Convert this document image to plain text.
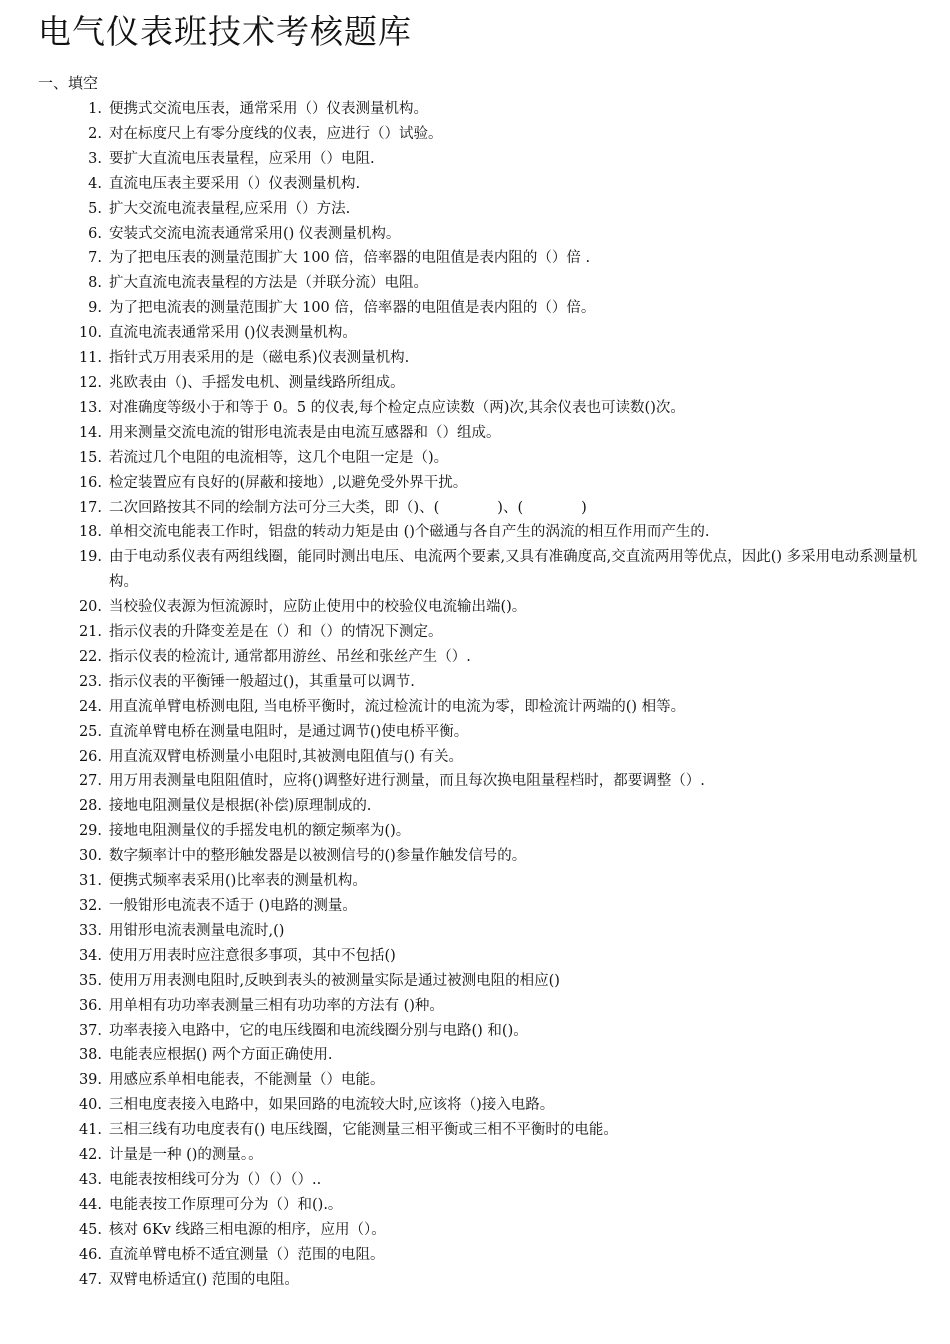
电气仪表班技术考核题库
一、填空
1. 便携式交流电压表，通常采用（）仪表测量机构。
2. 对在标度尺上有零分度线的仪表，应进行（）试验。
3. 要扩大直流电压表量程，应采用（）电阻.
4. 直流电压表主要采用（）仪表测量机构.
5. 扩大交流电流表量程,应采用（）方法.
6. 安装式交流电流表通常采用() 仪表测量机构。
7. 为了把电压表的测量范围扩大 100 倍，倍率器的电阻值是表内阻的（）倍 .
8. 扩大直流电流表量程的方法是（并联分流）电阻。
9. 为了把电流表的测量范围扩大 100 倍，倍率器的电阻值是表内阻的（）倍。
10. 直流电流表通常采用 ()仪表测量机构。
11. 指针式万用表采用的是（磁电系)仪表测量机构.
12. 兆欧表由（)、手摇发电机、测量线路所组成。
13. 对准确度等级小于和等于 0。5 的仪表,每个检定点应读数（两)次,其余仪表也可读数()次。
14. 用来测量交流电流的钳形电流表是由电流互感器和（）组成。
15. 若流过几个电阻的电流相等，这几个电阻一定是（)。
16. 检定装置应有良好的(屏蔽和接地）,以避免受外界干扰。
17. 二次回路按其不同的绘制方法可分三大类，即（)、(　　　　)、(　　　　)
18. 单相交流电能表工作时，铝盘的转动力矩是由 ()个磁通与各自产生的涡流的相互作用而产生的.
19. 由于电动系仪表有两组线圈，能同时测出电压、电流两个要素,又具有准确度高,交直流两用等优点，因此() 多采用电动系测量机构。
20. 当校验仪表源为恒流源时，应防止使用中的校验仪电流输出端()。
21. 指示仪表的升降变差是在（）和（）的情况下测定。
22. 指示仪表的检流计, 通常都用游丝、吊丝和张丝产生（）.
23. 指示仪表的平衡锤一般超过()，其重量可以调节.
24. 用直流单臂电桥测电阻, 当电桥平衡时，流过检流计的电流为零，即检流计两端的() 相等。
25. 直流单臂电桥在测量电阻时，是通过调节()使电桥平衡。
26. 用直流双臂电桥测量小电阻时,其被测电阻值与() 有关。
27. 用万用表测量电阻阻值时，应将()调整好进行测量，而且每次换电阻量程档时，都要调整（）.
28. 接地电阻测量仪是根据(补偿)原理制成的.
29. 接地电阻测量仪的手摇发电机的额定频率为()。
30. 数字频率计中的整形触发器是以被测信号的()参量作触发信号的。
31. 便携式频率表采用()比率表的测量机构。
32. 一般钳形电流表不适于 ()电路的测量。
33. 用钳形电流表测量电流时,()
34. 使用万用表时应注意很多事项，其中不包括()
35. 使用万用表测电阻时,反映到表头的被测量实际是通过被测电阻的相应()
36. 用单相有功功率表测量三相有功功率的方法有 ()种。
37. 功率表接入电路中，它的电压线圈和电流线圈分别与电路() 和()。
38. 电能表应根据() 两个方面正确使用.
39. 用感应系单相电能表，不能测量（）电能。
40. 三相电度表接入电路中，如果回路的电流较大时,应该将（)接入电路。
41. 三相三线有功电度表有() 电压线圈，它能测量三相平衡或三相不平衡时的电能。
42. 计量是一种 ()的测量。。
43. 电能表按相线可分为（）（）（）..
44. 电能表按工作原理可分为（）和().。
45. 核对 6Kv 线路三相电源的相序，应用（）。
46. 直流单臂电桥不适宜测量（）范围的电阻。
47. 双臂电桥适宜() 范围的电阻。
